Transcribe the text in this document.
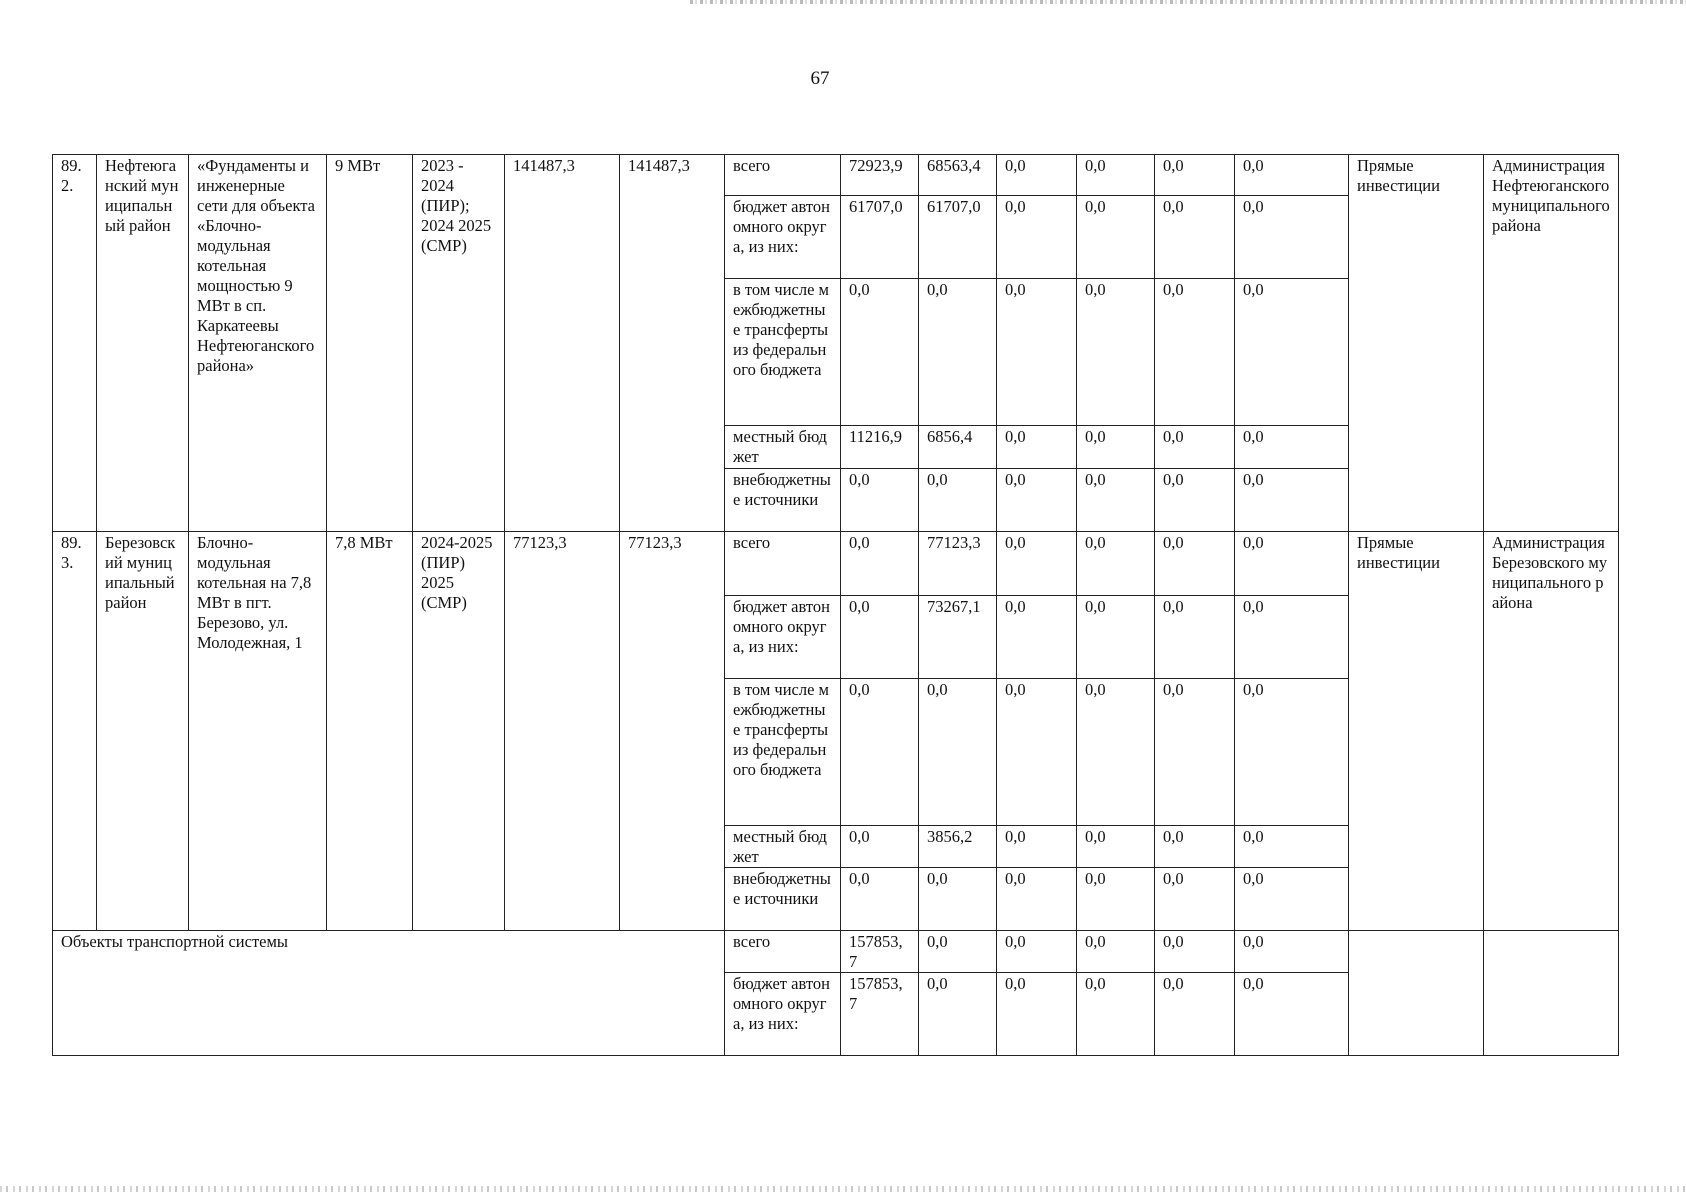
67
89.2.	Нефтеюганский муниципальный район	«Фундаменты и инженерные сети для объекта «Блочно-модульная котельная мощностью 9 МВт в сп. Каркатеевы Нефтеюганского района»	9 МВт	2023 - 2024 (ПИР); 2024 2025 (СМР)	141487,3	141487,3	всего	72923,9	68563,4	0,0	0,0	0,0	0,0	Прямые инвестиции	Администрация Нефтеюганского муниципального района
							бюджет автономного округа, из них:	61707,0	61707,0	0,0	0,0	0,0	0,0		
							в том числе межбюджетные трансферты из федерального бюджета	0,0	0,0	0,0	0,0	0,0	0,0		
							местный бюджет	11216,9	6856,4	0,0	0,0	0,0	0,0		
							внебюджетные источники	0,0	0,0	0,0	0,0	0,0	0,0		
89.3.	Березовский муниципальный район	Блочно-модульная котельная на 7,8 МВт в пгт. Березово, ул. Молодежная, 1	7,8 МВт	2024-2025 (ПИР) 2025 (СМР)	77123,3	77123,3	всего	0,0	77123,3	0,0	0,0	0,0	0,0	Прямые инвестиции	Администрация Березовского муниципального района
							бюджет автономного округа, из них:	0,0	73267,1	0,0	0,0	0,0	0,0		
							в том числе межбюджетные трансферты из федерального бюджета	0,0	0,0	0,0	0,0	0,0	0,0		
							местный бюджет	0,0	3856,2	0,0	0,0	0,0	0,0		
							внебюджетные источники	0,0	0,0	0,0	0,0	0,0	0,0		
Объекты транспортной системы							всего	157853,7	0,0	0,0	0,0	0,0	0,0		
							бюджет автономного округа, из них:	157853,7	0,0	0,0	0,0	0,0	0,0		
